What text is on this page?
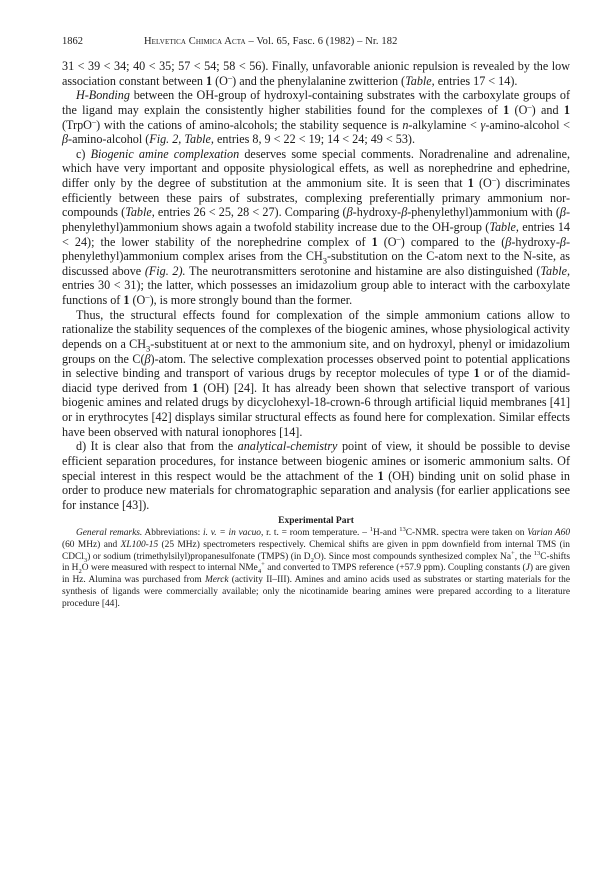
1862	Helvetica Chimica Acta – Vol. 65, Fasc. 6 (1982) – Nr. 182

31 < 39 < 34; 40 < 35; 57 < 54; 58 < 56). Finally, unfavorable anionic repulsion is revealed by the low association constant between 1 (O–) and the phenylalanine zwitterion (Table, entries 17 < 14).

H-Bonding between the OH-group of hydroxyl-containing substrates with the carboxylate groups of the ligand may explain the consistently higher stabilities found for the complexes of 1 (O–) and 1 (TrpO–) with the cations of amino-alcohols; the stability sequence is n-alkylamine < γ-amino-alcohol < β-amino-alcohol (Fig. 2, Table, entries 8, 9 < 22 < 19; 14 < 24; 49 < 53).

c) Biogenic amine complexation deserves some special comments. Noradrenaline and adrenaline, which have very important and opposite physiological effets, as well as norephedrine and ephedrine, differ only by the degree of substitution at the ammonium site. It is seen that 1 (O–) discriminates efficiently between these pairs of substrates, complexing preferentially primary ammonium nor-compounds (Table, entries 26 < 25, 28 < 27). Comparing (β-hydroxy-β-phenylethyl)ammonium with (β-phenylethyl)ammonium shows again a twofold stability increase due to the OH-group (Table, entries 14 < 24); the lower stability of the norephedrine complex of 1 (O–) compared to the (β-hydroxy-β-phenylethyl)ammonium complex arises from the $CH_3$-substitution on the C-atom next to the N-site, as discussed above (Fig. 2). The neurotransmitters serotonine and histamine are also distinguished (Table, entries 30 < 31); the latter, which possesses an imidazolium group able to interact with the carboxylate functions of 1 (O–), is more strongly bound than the former.

Thus, the structural effects found for complexation of the simple ammonium cations allow to rationalize the stability sequences of the complexes of the biogenic amines, whose physiological activity depends on a $CH_3$-substituent at or next to the ammonium site, and on hydroxyl, phenyl or imidazolium groups on the C(β)-atom. The selective complexation processes observed point to potential applications in selective binding and transport of various drugs by receptor molecules of type 1 or of the diamid-diacid type derived from 1 (OH) [24]. It has already been shown that selective transport of various biogenic amines and related drugs by dicyclohexyl-18-crown-6 through artificial liquid membranes [41] or in erythrocytes [42] displays similar structural effects as found here for complexation. Similar effects have been observed with natural ionophores [14].

d) It is clear also that from the analytical-chemistry point of view, it should be possible to devise efficient separation procedures, for instance between biogenic amines or isomeric ammonium salts. Of special interest in this respect would be the attachment of the 1 (OH) binding unit on solid phase in order to produce new materials for chromatographic separation and analysis (for earlier applications see for instance [43]).

Experimental Part

General remarks. Abbreviations: i. v. = in vacuo, r. t. = room temperature. – $^1$H-and $^{13}$C-NMR. spectra were taken on Varian A60 (60 MHz) and XL100-15 (25 MHz) spectrometers respectively. Chemical shifts are given in ppm downfield from internal TMS (in CDCl$_3$) or sodium (trimethylsilyl)propanesulfonate (TMPS) (in $D_2O$). Since most compounds synthesized complex Na+, the $^{13}$C-shifts in $H_2O$ were measured with respect to internal NMe$_4$+ and converted to TMPS reference (+57.9 ppm). Coupling constants (J) are given in Hz. Alumina was purchased from Merck (activity II–III). Amines and amino acids used as substrates or starting materials for the synthesis of ligands were commercially available; only the nicotinamide bearing amines were prepared according to a literature procedure [44].
